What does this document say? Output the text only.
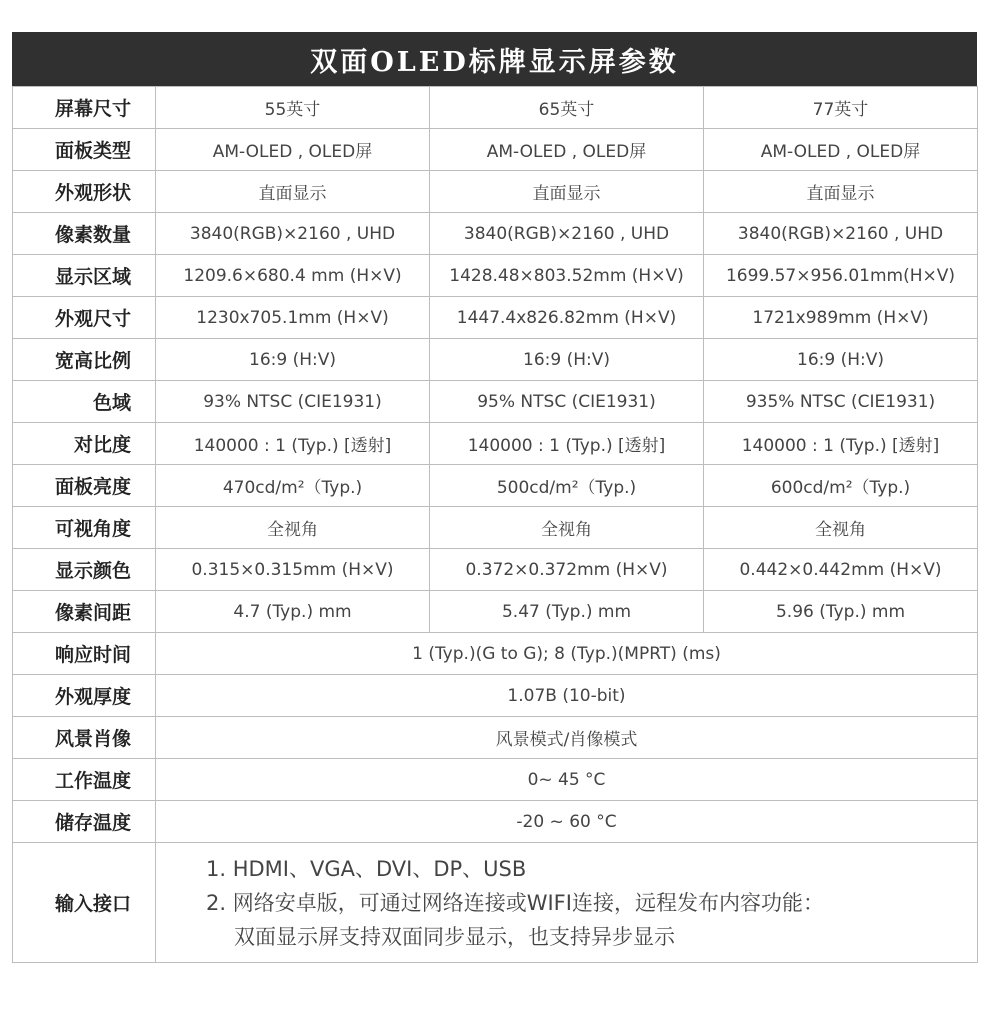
双面OLED标牌显示屏参数
屏幕尺寸	55英寸	65英寸	77英寸
面板类型	AM-OLED , OLED屏	AM-OLED , OLED屏	AM-OLED , OLED屏
外观形状	直面显示	直面显示	直面显示
像素数量	3840(RGB)×2160 , UHD	3840(RGB)×2160 , UHD	3840(RGB)×2160 , UHD
显示区域	1209.6×680.4 mm (H×V)	1428.48×803.52mm (H×V)	1699.57×956.01mm(H×V)
外观尺寸	1230x705.1mm (H×V)	1447.4x826.82mm (H×V)	1721x989mm (H×V)
宽高比例	16:9 (H:V)	16:9 (H:V)	16:9 (H:V)
色域	93% NTSC (CIE1931)	95% NTSC (CIE1931)	935% NTSC (CIE1931)
对比度	140000 : 1 (Typ.) [透射]	140000 : 1 (Typ.) [透射]	140000 : 1 (Typ.) [透射]
面板亮度	470cd/m²（Typ.)	500cd/m²（Typ.)	600cd/m²（Typ.)
可视角度	全视角	全视角	全视角
显示颜色	0.315×0.315mm (H×V)	0.372×0.372mm (H×V)	0.442×0.442mm (H×V)
像素间距	4.7 (Typ.) mm	5.47 (Typ.) mm	5.96 (Typ.) mm
响应时间	1 (Typ.)(G to G); 8 (Typ.)(MPRT) (ms)		
外观厚度	1.07B (10-bit)		
风景肖像	风景模式/肖像模式		
工作温度	0~ 45 °C		
储存温度	-20 ~ 60 °C		
输入接口	1. HDMI、VGA、DVI、DP、USB
2. 网络安卓版，可通过网络连接或WIFI连接，远程发布内容功能：
双面显示屏支持双面同步显示，也支持异步显示		
